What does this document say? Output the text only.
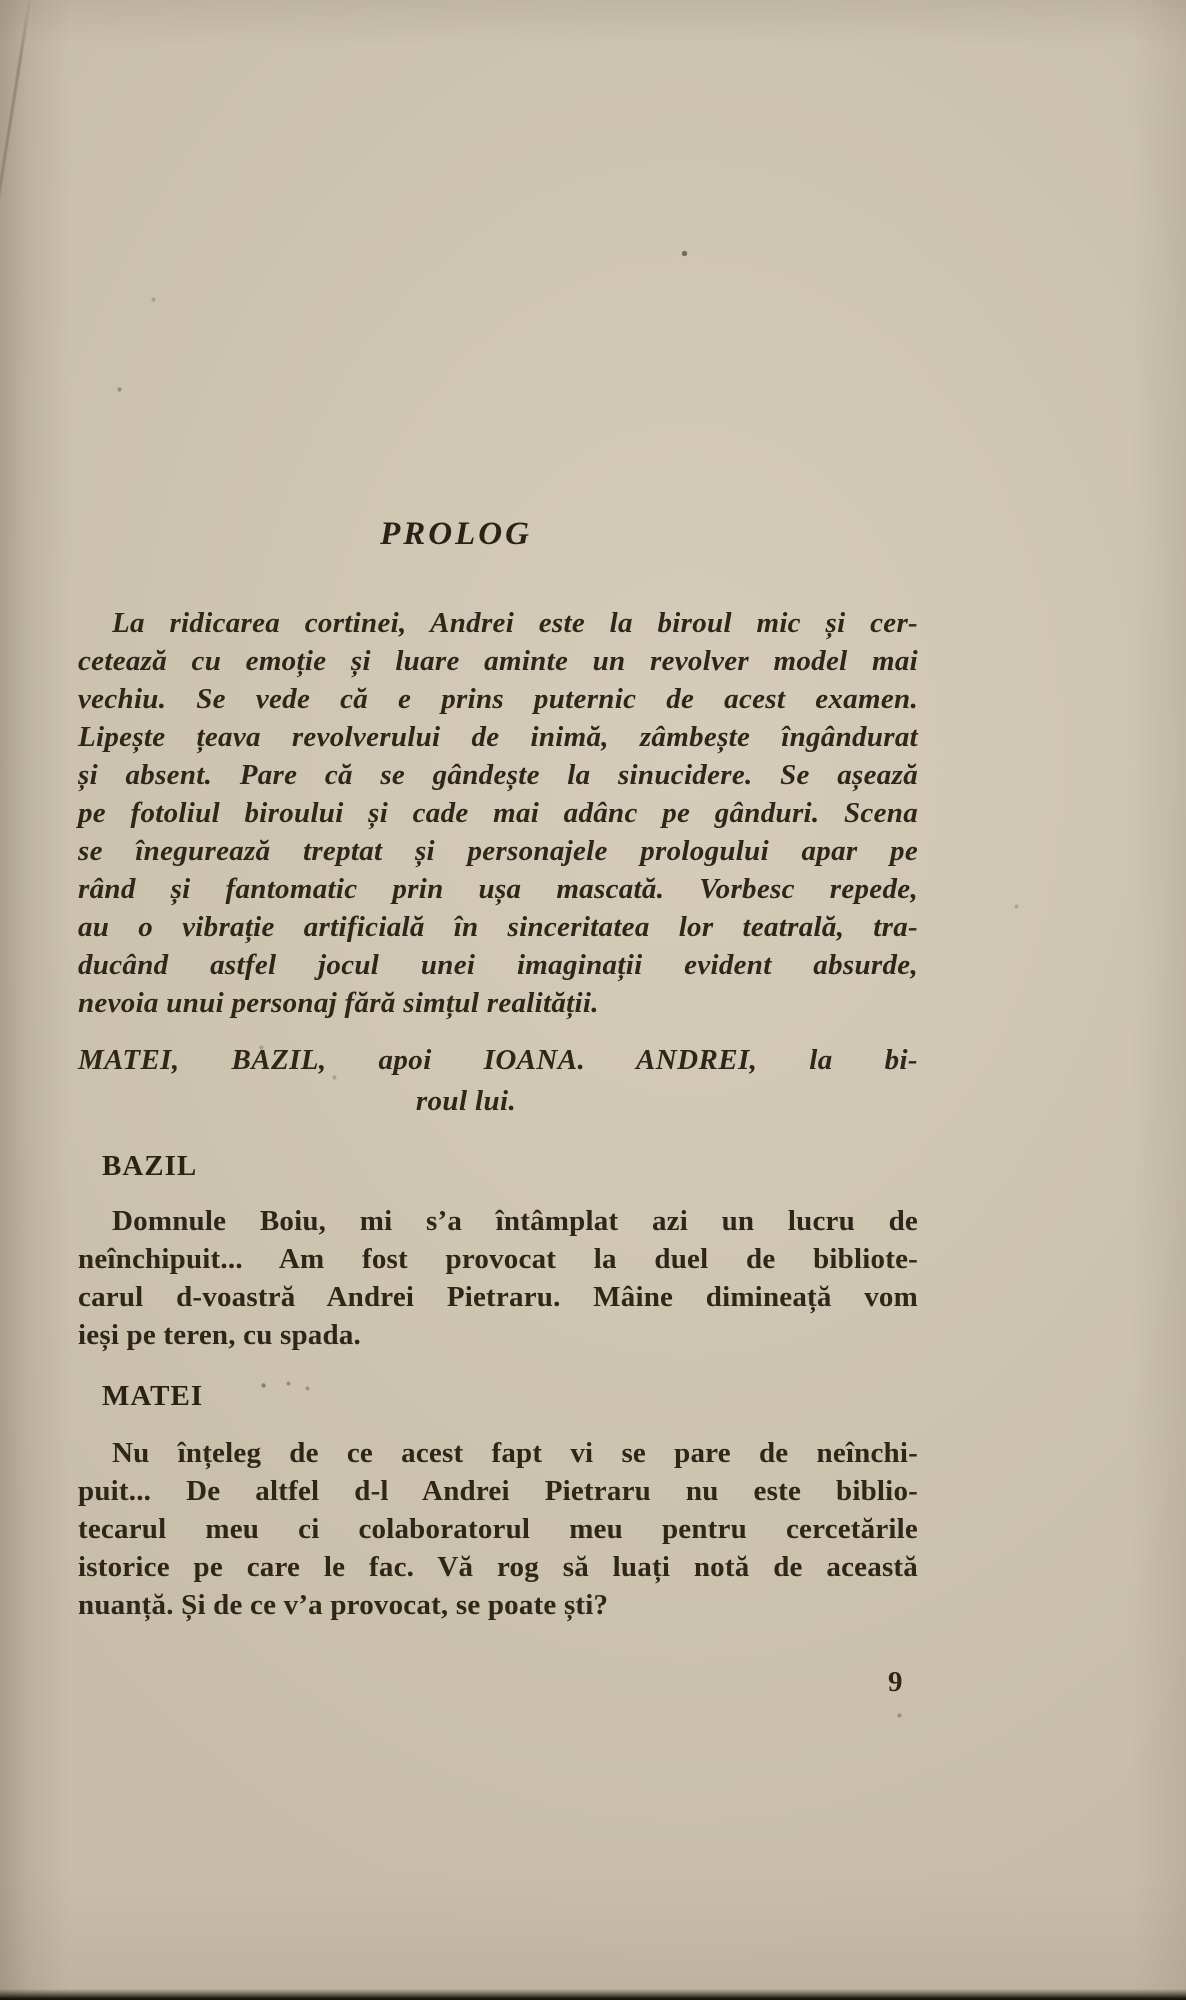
PROLOG
La ridicarea cortinei, Andrei este la biroul mic și cer-
cetează cu emoție și luare aminte un revolver model mai
vechiu. Se vede că e prins puternic de acest examen.
Lipește țeava revolverului de inimă, zâmbește îngândurat
și absent. Pare că se gândește la sinucidere. Se așează
pe fotoliul biroului și cade mai adânc pe gânduri. Scena
se înegurează treptat și personajele prologului apar pe
rând și fantomatic prin ușa mascată. Vorbesc repede,
au o vibrație artificială în sinceritatea lor teatrală, tra-
ducând astfel jocul unei imaginații evident absurde,
nevoia unui personaj fără simțul realității.
MATEI, BAZIL, apoi IOANA. ANDREI, la bi-
roul lui.
BAZIL
Domnule Boiu, mi s’a întâmplat azi un lucru de
neînchipuit... Am fost provocat la duel de bibliote-
carul d-voastră Andrei Pietraru. Mâine dimineață vom
ieși pe teren, cu spada.
MATEI
Nu înțeleg de ce acest fapt vi se pare de neînchi-
puit... De altfel d-l Andrei Pietraru nu este biblio-
tecarul meu ci colaboratorul meu pentru cercetările
istorice pe care le fac. Vă rog să luați notă de această
nuanță. Și de ce v’a provocat, se poate ști?
9
